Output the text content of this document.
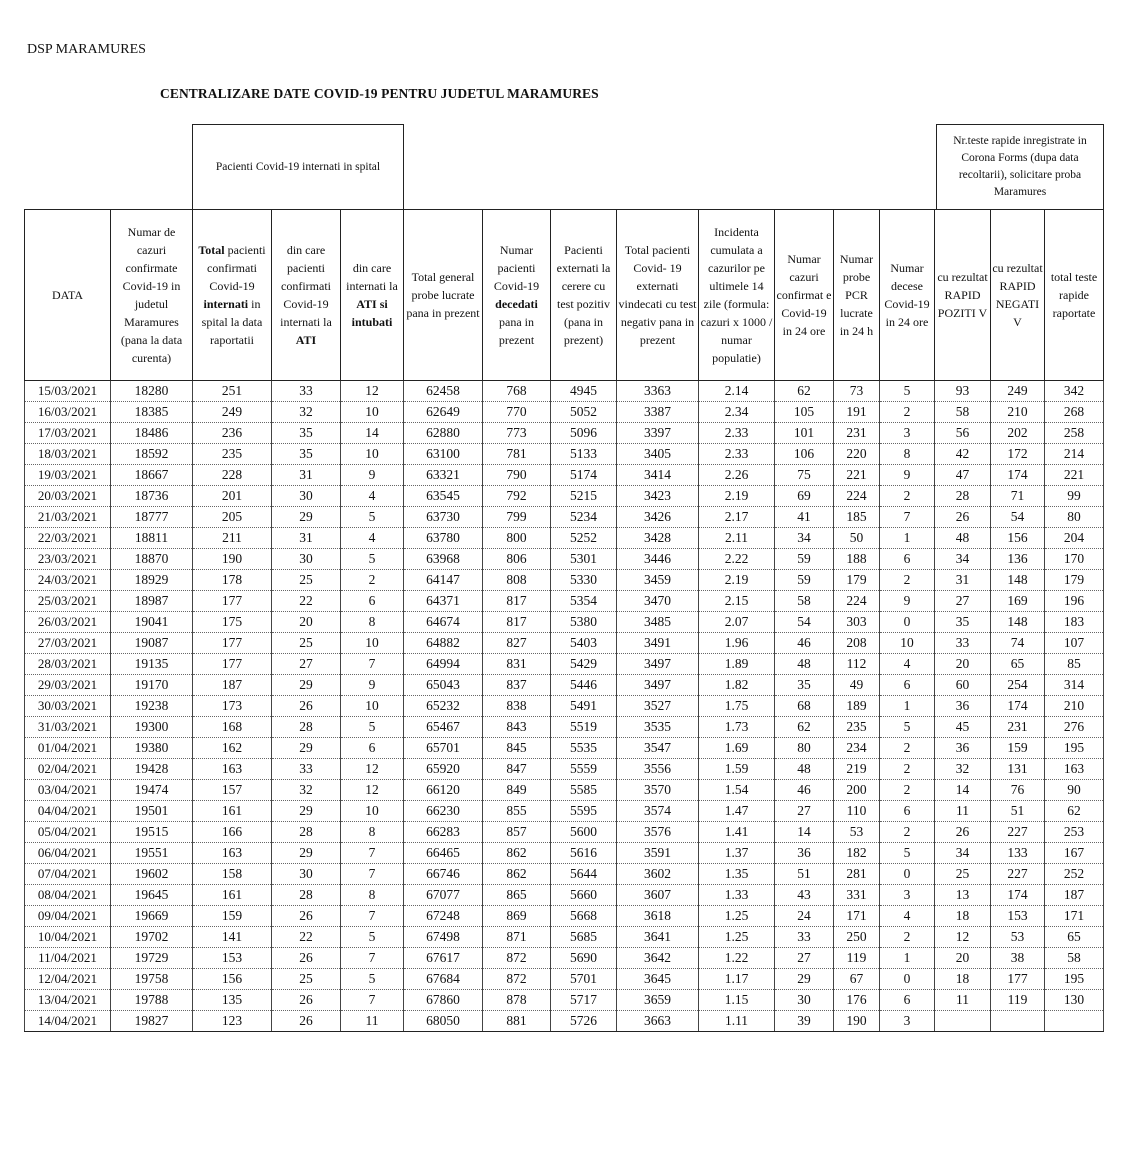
DSP MARAMURES
CENTRALIZARE DATE COVID-19 PENTRU JUDETUL MARAMURES
Pacienti Covid-19 internati in spital
Nr.teste rapide inregistrate in Corona Forms (dupa data recoltarii), solicitare proba Maramures
DATA	Numar de cazuri confirmate Covid-19 in judetul Maramures (pana la data curenta)	Total pacienti confirmati Covid-19 internati in spital la data raportatii	din care pacienti confirmati Covid-19 internati la ATI	din care internati la ATI si intubati	Total general probe lucrate pana in prezent	Numar pacienti Covid-19 decedati pana in prezent	Pacienti externati la cerere cu test pozitiv (pana in prezent)	Total pacienti Covid- 19 externati vindecati cu test negativ pana in prezent	Incidenta cumulata a cazurilor pe ultimele 14 zile (formula: cazuri x 1000 / numar populatie)	Numar cazuri confirmat e Covid-19 in 24 ore	Numar probe PCR lucrate in 24 h	Numar decese Covid-19 in 24 ore	cu rezultat RAPID POZITI V	cu rezultat RAPID NEGATI V	total teste rapide raportate
15/03/2021	18280	251	33	12	62458	768	4945	3363	2.14	62	73	5	93	249	342
16/03/2021	18385	249	32	10	62649	770	5052	3387	2.34	105	191	2	58	210	268
17/03/2021	18486	236	35	14	62880	773	5096	3397	2.33	101	231	3	56	202	258
18/03/2021	18592	235	35	10	63100	781	5133	3405	2.33	106	220	8	42	172	214
19/03/2021	18667	228	31	9	63321	790	5174	3414	2.26	75	221	9	47	174	221
20/03/2021	18736	201	30	4	63545	792	5215	3423	2.19	69	224	2	28	71	99
21/03/2021	18777	205	29	5	63730	799	5234	3426	2.17	41	185	7	26	54	80
22/03/2021	18811	211	31	4	63780	800	5252	3428	2.11	34	50	1	48	156	204
23/03/2021	18870	190	30	5	63968	806	5301	3446	2.22	59	188	6	34	136	170
24/03/2021	18929	178	25	2	64147	808	5330	3459	2.19	59	179	2	31	148	179
25/03/2021	18987	177	22	6	64371	817	5354	3470	2.15	58	224	9	27	169	196
26/03/2021	19041	175	20	8	64674	817	5380	3485	2.07	54	303	0	35	148	183
27/03/2021	19087	177	25	10	64882	827	5403	3491	1.96	46	208	10	33	74	107
28/03/2021	19135	177	27	7	64994	831	5429	3497	1.89	48	112	4	20	65	85
29/03/2021	19170	187	29	9	65043	837	5446	3497	1.82	35	49	6	60	254	314
30/03/2021	19238	173	26	10	65232	838	5491	3527	1.75	68	189	1	36	174	210
31/03/2021	19300	168	28	5	65467	843	5519	3535	1.73	62	235	5	45	231	276
01/04/2021	19380	162	29	6	65701	845	5535	3547	1.69	80	234	2	36	159	195
02/04/2021	19428	163	33	12	65920	847	5559	3556	1.59	48	219	2	32	131	163
03/04/2021	19474	157	32	12	66120	849	5585	3570	1.54	46	200	2	14	76	90
04/04/2021	19501	161	29	10	66230	855	5595	3574	1.47	27	110	6	11	51	62
05/04/2021	19515	166	28	8	66283	857	5600	3576	1.41	14	53	2	26	227	253
06/04/2021	19551	163	29	7	66465	862	5616	3591	1.37	36	182	5	34	133	167
07/04/2021	19602	158	30	7	66746	862	5644	3602	1.35	51	281	0	25	227	252
08/04/2021	19645	161	28	8	67077	865	5660	3607	1.33	43	331	3	13	174	187
09/04/2021	19669	159	26	7	67248	869	5668	3618	1.25	24	171	4	18	153	171
10/04/2021	19702	141	22	5	67498	871	5685	3641	1.25	33	250	2	12	53	65
11/04/2021	19729	153	26	7	67617	872	5690	3642	1.22	27	119	1	20	38	58
12/04/2021	19758	156	25	5	67684	872	5701	3645	1.17	29	67	0	18	177	195
13/04/2021	19788	135	26	7	67860	878	5717	3659	1.15	30	176	6	11	119	130
14/04/2021	19827	123	26	11	68050	881	5726	3663	1.11	39	190	3			
